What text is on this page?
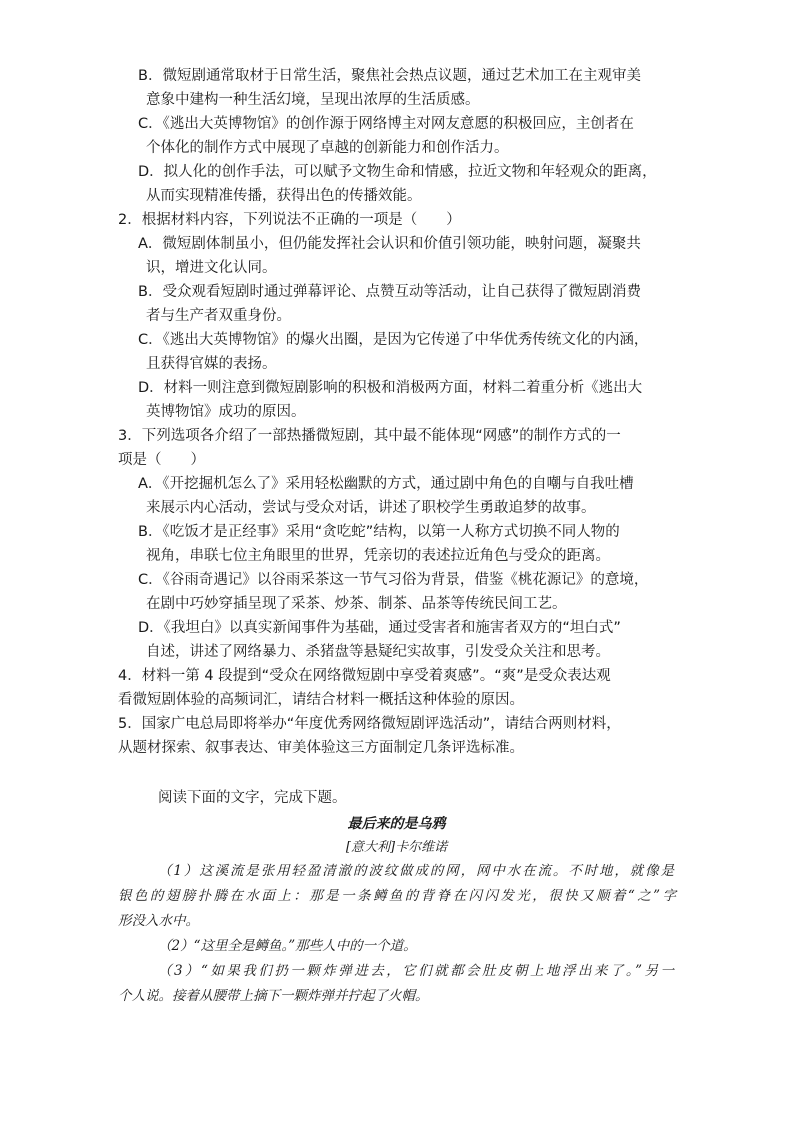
B．微短剧通常取材于日常生活，聚焦社会热点议题，通过艺术加工在主观审美
意象中建构一种生活幻境，呈现出浓厚的生活质感。
C．《逃出大英博物馆》的创作源于网络博主对网友意愿的积极回应，主创者在
个体化的制作方式中展现了卓越的创新能力和创作活力。
D．拟人化的创作手法，可以赋予文物生命和情感，拉近文物和年轻观众的距离，
从而实现精准传播，获得出色的传播效能。
2．根据材料内容，下列说法不正确的一项是（　　）
A．微短剧体制虽小，但仍能发挥社会认识和价值引领功能，映射问题，凝聚共
识，增进文化认同。
B．受众观看短剧时通过弹幕评论、点赞互动等活动，让自己获得了微短剧消费
者与生产者双重身份。
C．《逃出大英博物馆》的爆火出圈，是因为它传递了中华优秀传统文化的内涵，
且获得官媒的表扬。
D．材料一则注意到微短剧影响的积极和消极两方面，材料二着重分析《逃出大
英博物馆》成功的原因。
3．下列选项各介绍了一部热播微短剧，其中最不能体现“网感”的制作方式的一
项是（　　）
A．《开挖掘机怎么了》采用轻松幽默的方式，通过剧中角色的自嘲与自我吐槽
来展示内心活动，尝试与受众对话，讲述了职校学生勇敢追梦的故事。
B．《吃饭才是正经事》采用“贪吃蛇”结构，以第一人称方式切换不同人物的
视角，串联七位主角眼里的世界，凭亲切的表述拉近角色与受众的距离。
C．《谷雨奇遇记》以谷雨采茶这一节气习俗为背景，借鉴《桃花源记》的意境，
在剧中巧妙穿插呈现了采茶、炒茶、制茶、品茶等传统民间工艺。
D．《我坦白》以真实新闻事件为基础，通过受害者和施害者双方的“坦白式”
自述，讲述了网络暴力、杀猪盘等悬疑纪实故事，引发受众关注和思考。
4．材料一第 4 段提到“受众在网络微短剧中享受着爽感”。“爽”是受众表达观
看微短剧体验的高频词汇，请结合材料一概括这种体验的原因。
5．国家广电总局即将举办“年度优秀网络微短剧评选活动”，请结合两则材料，
从题材探索、叙事表达、审美体验这三方面制定几条评选标准。
阅读下面的文字，完成下题。
最后来的是乌鸦
[意大利]卡尔维诺
（1）这溪流是张用轻盈清澈的波纹做成的网，网中水在流。不时地，就像是
银色的翅膀扑腾在水面上：那是一条鳟鱼的背脊在闪闪发光，很快又顺着“之”字
形没入水中。
（2）“这里全是鳟鱼。”那些人中的一个道。
（3）“如果我们扔一颗炸弹进去，它们就都会肚皮朝上地浮出来了。”另一
个人说。接着从腰带上摘下一颗炸弹并拧起了火帽。
